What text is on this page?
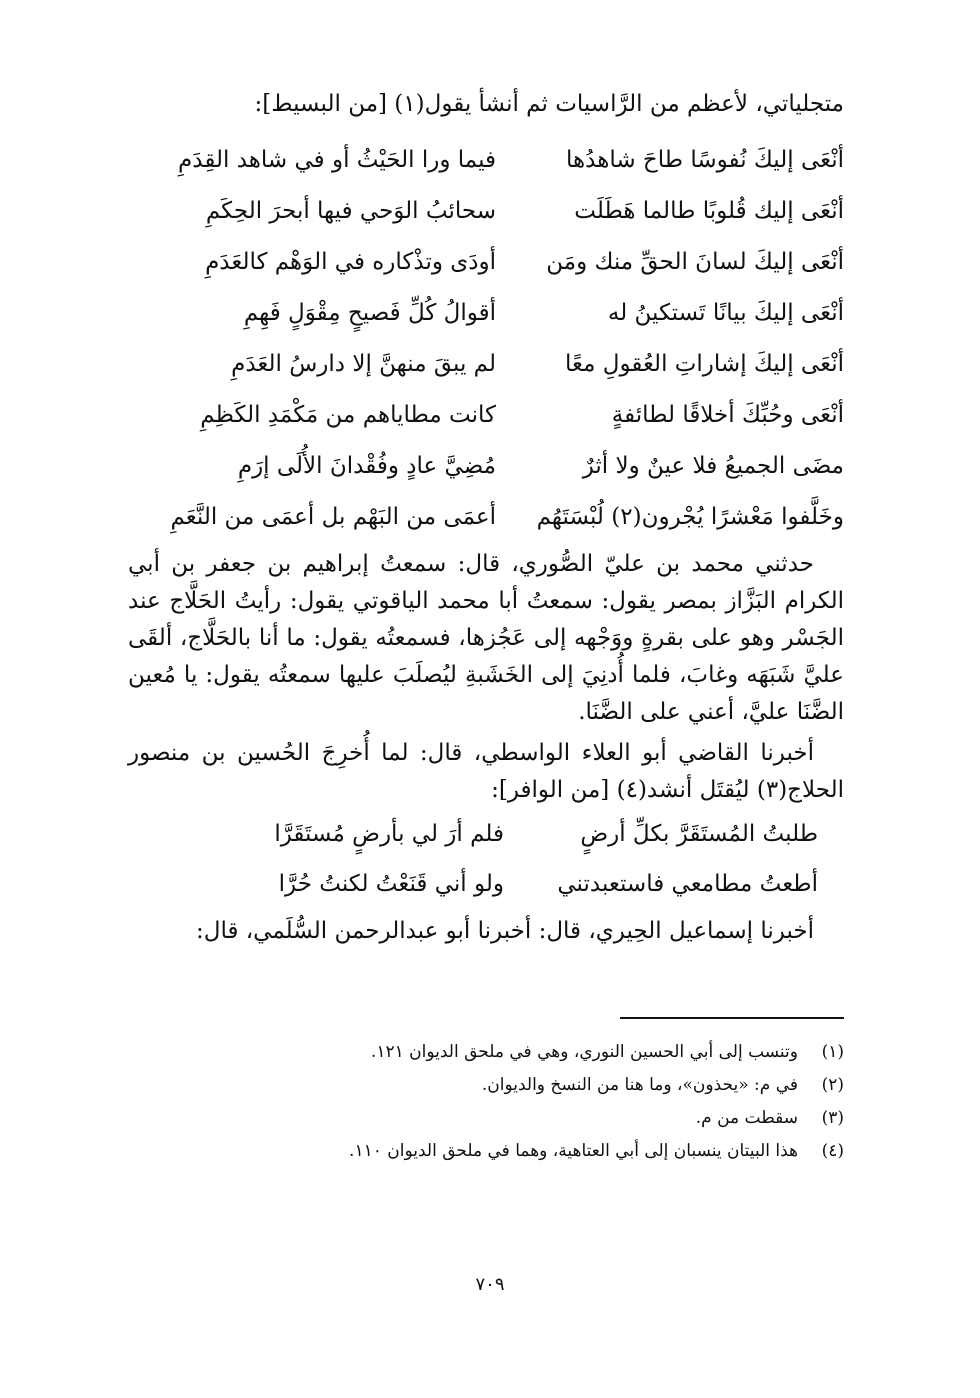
متجلياتي، لأعظم من الرَّاسيات ثم أنشأ يقول(١) [من البسيط]:
أنْعَى إليكَ نُفوسًا طاحَ شاهدُها
فيما ورا الحَيْثُ أو في شاهد القِدَمِ
أنْعَى إليك قُلوبًا طالما هَطَلَت
سحائبُ الوَحي فيها أبحرَ الحِكَمِ
أنْعَى إليكَ لسانَ الحقِّ منك ومَن
أودَى وتذْكاره في الوَهْم كالعَدَمِ
أنْعَى إليكَ بيانًا تَستكينُ له
أقوالُ كُلِّ فَصيحٍ مِقْوَلٍ فَهِمِ
أنْعَى إليكَ إشاراتِ العُقولِ معًا
لم يبقَ منهنَّ إلا دارسُ العَدَمِ
أنْعَى وحُبِّكَ أخلاقًا لطائفةٍ
كانت مطاياهم من مَكْمَدِ الكَظِمِ
مضَى الجميعُ فلا عينٌ ولا أثرٌ
مُضِيَّ عادٍ وفُقْدانَ الأُلَى إرَمِ
وخَلَّفوا مَعْشرًا يُجْرون(٢) لُبْسَتَهُم
أعمَى من البَهْم بل أعمَى من النَّعَمِ
حدثني محمد بن عليّ الصُّوري، قال: سمعتُ إبراهيم بن جعفر بن أبي الكرام البَزَّاز بمصر يقول: سمعتُ أبا محمد الياقوتي يقول: رأيتُ الحَلَّاج عند الجَسْر وهو على بقرةٍ ووَجْهه إلى عَجُزها، فسمعتُه يقول: ما أنا بالحَلَّاج، ألقَى عليَّ شَبَهَه وغابَ، فلما أُدنِيَ إلى الخَشَبةِ ليُصلَبَ عليها سمعتُه يقول: يا مُعين الضَّنَا عليَّ، أعني على الضَّنَا.
أخبرنا القاضي أبو العلاء الواسطي، قال: لما أُخرِجَ الحُسين بن منصور الحلاج(٣) ليُقتَل أنشد(٤) [من الوافر]:
طلبتُ المُستَقَرَّ بكلِّ أرضٍ
فلم أرَ لي بأرضٍ مُستَقَرَّا
أطعتُ مطامعي فاستعبدتني
ولو أني قَنَعْتُ لكنتُ حُرَّا
أخبرنا إسماعيل الحِيري، قال: أخبرنا أبو عبدالرحمن السُّلَمي، قال:
(١)وتنسب إلى أبي الحسين النوري، وهي في ملحق الديوان ١٢١.
(٢)في م: «يحذون»، وما هنا من النسخ والديوان.
(٣)سقطت من م.
(٤)هذا البيتان ينسبان إلى أبي العتاهية، وهما في ملحق الديوان ١١٠.
٧٠٩
